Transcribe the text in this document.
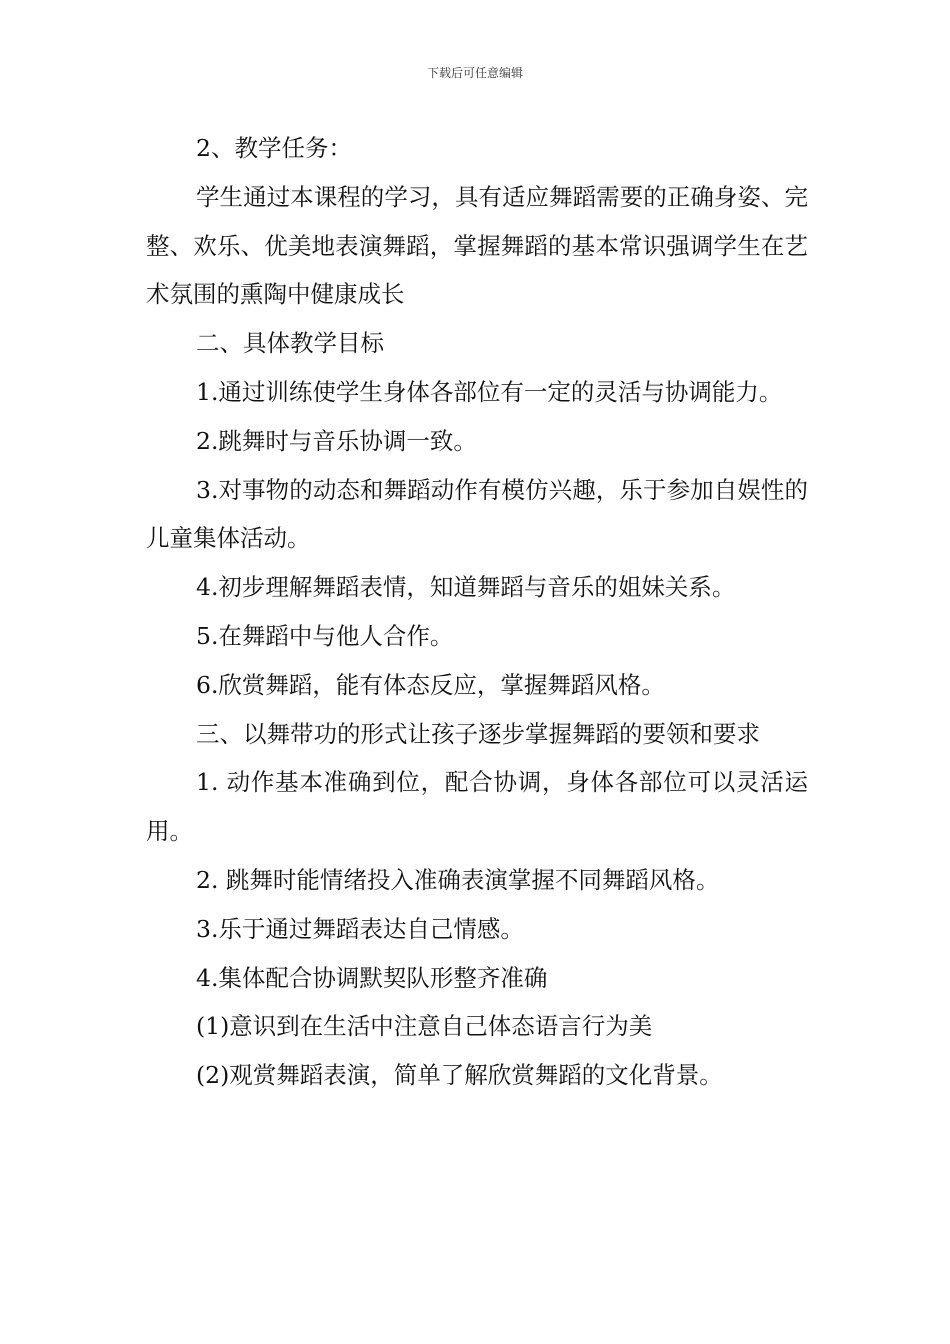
下载后可任意编辑

2、教学任务：

学生通过本课程的学习，具有适应舞蹈需要的正确身姿、完整、欢乐、优美地表演舞蹈，掌握舞蹈的基本常识强调学生在艺术氛围的熏陶中健康成长

二、具体教学目标

1.通过训练使学生身体各部位有一定的灵活与协调能力。

2.跳舞时与音乐协调一致。

3.对事物的动态和舞蹈动作有模仿兴趣，乐于参加自娱性的儿童集体活动。

4.初步理解舞蹈表情，知道舞蹈与音乐的姐妹关系。

5.在舞蹈中与他人合作。

6.欣赏舞蹈，能有体态反应，掌握舞蹈风格。

三、以舞带功的形式让孩子逐步掌握舞蹈的要领和要求

1. 动作基本准确到位，配合协调，身体各部位可以灵活运用。

2. 跳舞时能情绪投入准确表演掌握不同舞蹈风格。

3.乐于通过舞蹈表达自己情感。

4.集体配合协调默契队形整齐准确

(1)意识到在生活中注意自己体态语言行为美

(2)观赏舞蹈表演，简单了解欣赏舞蹈的文化背景。
